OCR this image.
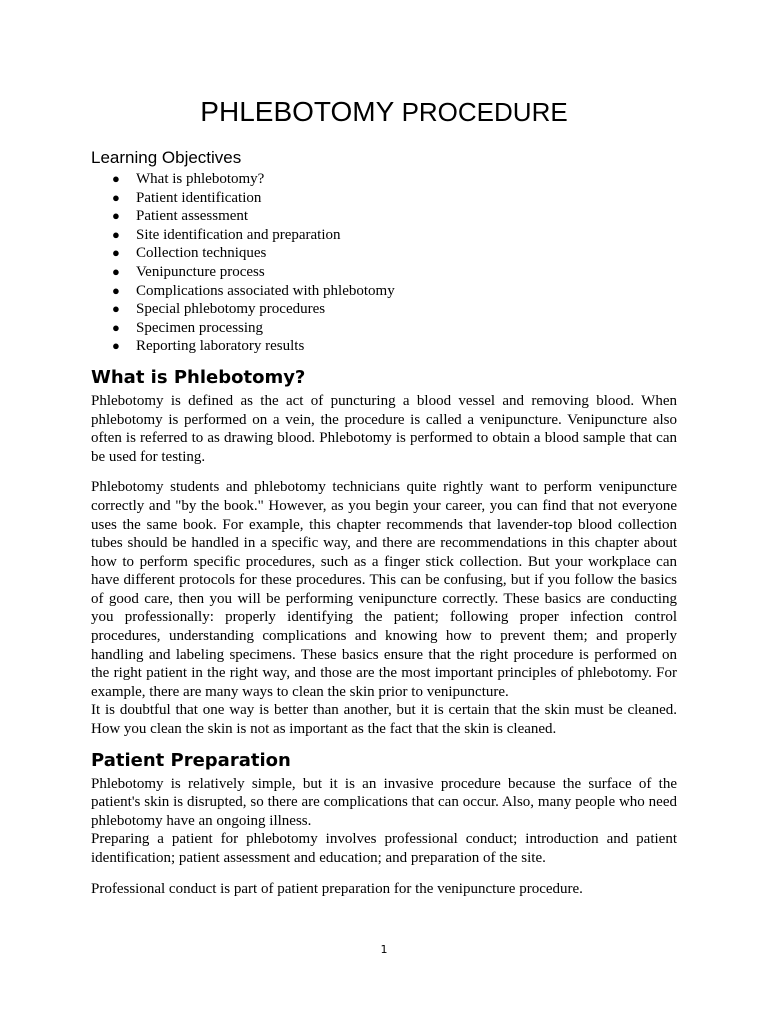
PHLEBOTOMY PROCEDURE
Learning Objectives
● What is phlebotomy?
● Patient identification
● Patient assessment
● Site identification and preparation
● Collection techniques
● Venipuncture process
● Complications associated with phlebotomy
● Special phlebotomy procedures
● Specimen processing
● Reporting laboratory results
What is Phlebotomy?

Phlebotomy is defined as the act of puncturing a blood vessel and removing blood. When phlebotomy is performed on a vein, the procedure is called a venipuncture. Venipuncture also often is referred to as drawing blood. Phlebotomy is performed to obtain a blood sample that can be used for testing.

Phlebotomy students and phlebotomy technicians quite rightly want to perform venipuncture correctly and "by the book." However, as you begin your career, you can find that not everyone uses the same book. For example, this chapter recommends that lavender-top blood collection tubes should be handled in a specific way, and there are recommendations in this chapter about how to perform specific procedures, such as a finger stick collection. But your workplace can have different protocols for these procedures. This can be confusing, but if you follow the basics of good care, then you will be performing venipuncture correctly. These basics are conducting you professionally: properly identifying the patient; following proper infection control procedures, understanding complications and knowing how to prevent them; and properly handling and labeling specimens. These basics ensure that the right procedure is performed on the right patient in the right way, and those are the most important principles of phlebotomy. For example, there are many ways to clean the skin prior to venipuncture.

It is doubtful that one way is better than another, but it is certain that the skin must be cleaned. How you clean the skin is not as important as the fact that the skin is cleaned.

Patient Preparation

Phlebotomy is relatively simple, but it is an invasive procedure because the surface of the patient's skin is disrupted, so there are complications that can occur. Also, many people who need phlebotomy have an ongoing illness.

Preparing a patient for phlebotomy involves professional conduct; introduction and patient identification; patient assessment and education; and preparation of the site.

Professional conduct is part of patient preparation for the venipuncture procedure.

1
